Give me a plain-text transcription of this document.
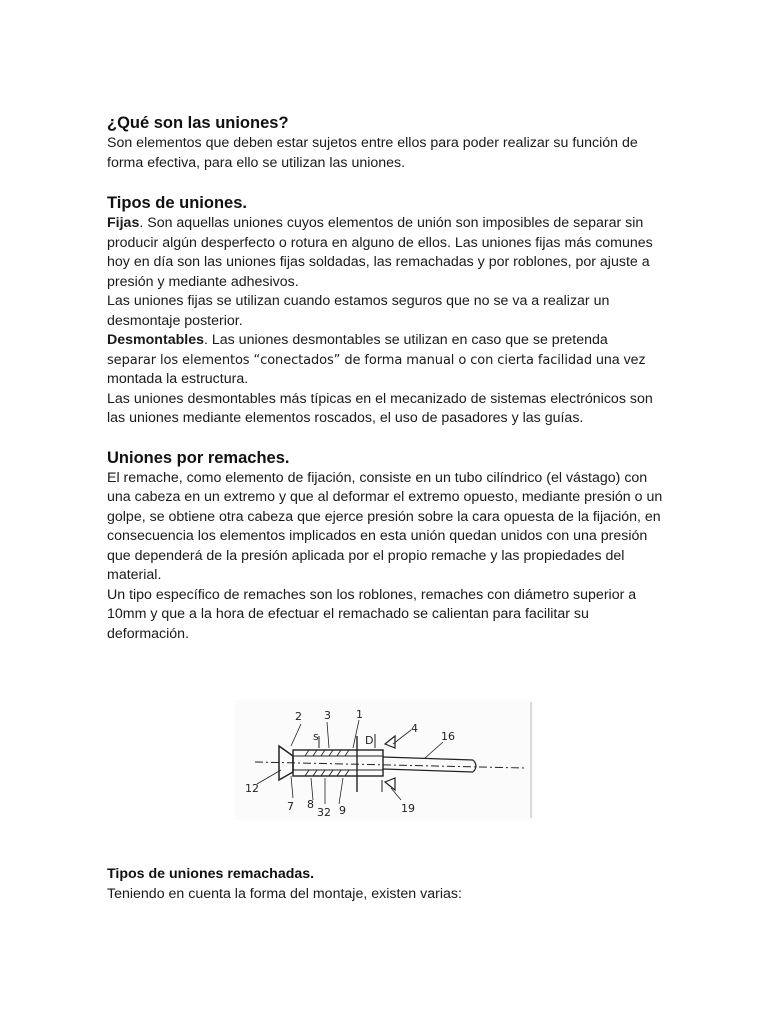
¿Qué son las uniones?

Son elementos que deben estar sujetos entre ellos para poder realizar su función de forma efectiva, para ello se utilizan las uniones.

Tipos de uniones.

Fijas. Son aquellas uniones cuyos elementos de unión son imposibles de separar sin producir algún desperfecto o rotura en alguno de ellos. Las uniones fijas más comunes hoy en día son las uniones fijas soldadas, las remachadas y por roblones, por ajuste a presión y mediante adhesivos.

Las uniones fijas se utilizan cuando estamos seguros que no se va a realizar un desmontaje posterior.

Desmontables. Las uniones desmontables se utilizan en caso que se pretenda
separar los elementos “conectados” de forma manual o con cierta facilidad una vez montada la estructura.

Las uniones desmontables más típicas en el mecanizado de sistemas electrónicos son las uniones mediante elementos roscados, el uso de pasadores y las guías.

Uniones por remaches.

El remache, como elemento de fijación, consiste en un tubo cilíndrico (el vástago) con una cabeza en un extremo y que al deformar el extremo opuesto, mediante presión o un golpe, se obtiene otra cabeza que ejerce presión sobre la cara opuesta de la fijación, en consecuencia los elementos implicados en esta unión quedan unidos con una presión que dependerá de la presión aplicada por el propio remache y las propiedades del material.

Un tipo específico de remaches son los roblones, remaches con diámetro superior a 10mm y que a la hora de efectuar el remachado se calientan para facilitar su deformación.

2 3 1
4
16
s	D
12
7 8
32 9	19
Tipos de uniones remachadas.

Teniendo en cuenta la forma del montaje, existen varias:
